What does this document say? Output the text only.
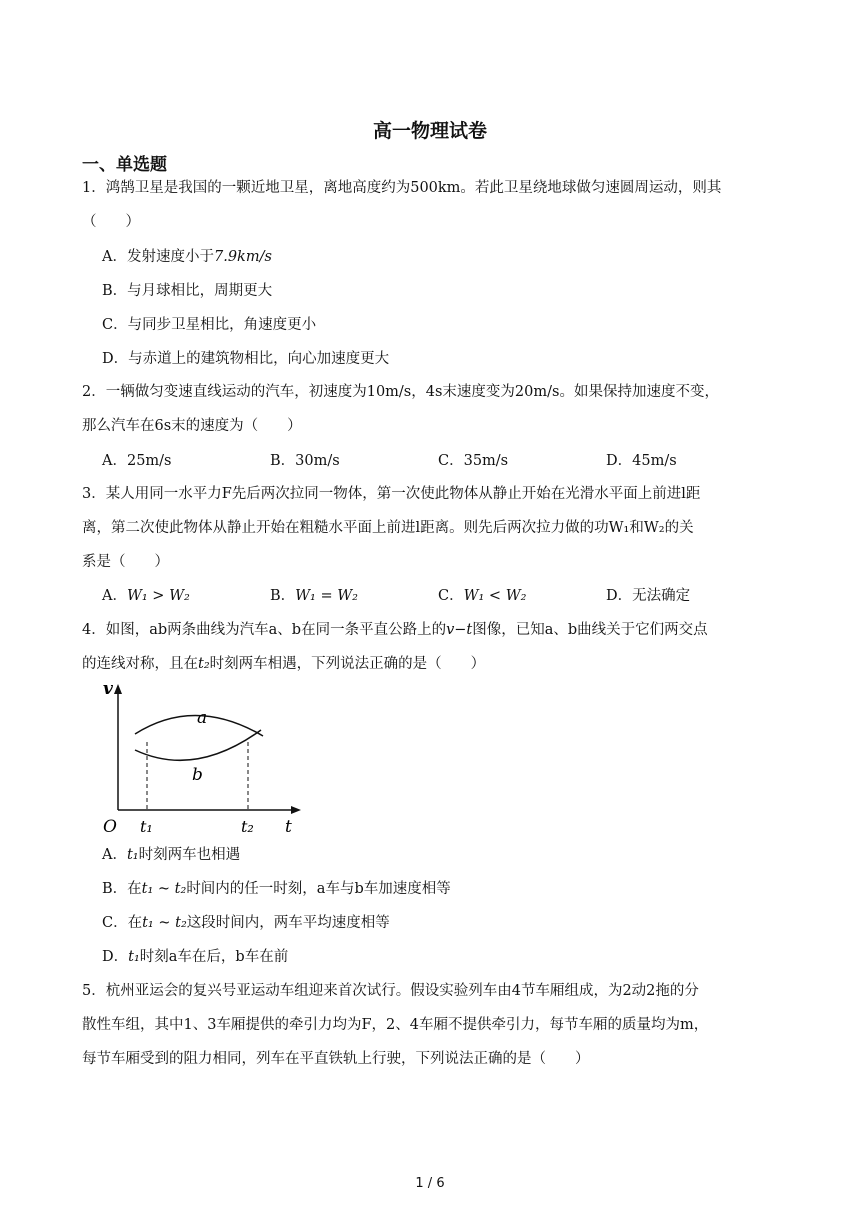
高一物理试卷
一、单选题
1．鸿鹄卫星是我国的一颗近地卫星，离地高度约为500km。若此卫星绕地球做匀速圆周运动，则其
（　　）
A．发射速度小于7.9km/s
B．与月球相比，周期更大
C．与同步卫星相比，角速度更小
D．与赤道上的建筑物相比，向心加速度更大
2．一辆做匀变速直线运动的汽车，初速度为10m/s，4s末速度变为20m/s。如果保持加速度不变，
那么汽车在6s末的速度为（　　）
A．25m/s	B．30m/s	C．35m/s	D．45m/s
3．某人用同一水平力F先后两次拉同一物体，第一次使此物体从静止开始在光滑水平面上前进l距
离，第二次使此物体从静止开始在粗糙水平面上前进l距离。则先后两次拉力做的功W₁和W₂的关
系是（　　）
A．W₁ > W₂	B．W₁ = W₂	C．W₁ < W₂	D．无法确定
4．如图，ab两条曲线为汽车a、b在同一条平直公路上的v−t图像，已知a、b曲线关于它们两交点
的连线对称，且在t₂时刻两车相遇，下列说法正确的是（　　）
v
a
b
O t₁	t₂ t
A．t₁时刻两车也相遇
B．在t₁ ~ t₂时间内的任一时刻，a车与b车加速度相等
C．在t₁ ~ t₂这段时间内，两车平均速度相等
D．t₁时刻a车在后，b车在前
5．杭州亚运会的复兴号亚运动车组迎来首次试行。假设实验列车由4节车厢组成，为2动2拖的分
散性车组，其中1、3车厢提供的牵引力均为F，2、4车厢不提供牵引力，每节车厢的质量均为m，
每节车厢受到的阻力相同，列车在平直铁轨上行驶，下列说法正确的是（　　）
1 / 6
